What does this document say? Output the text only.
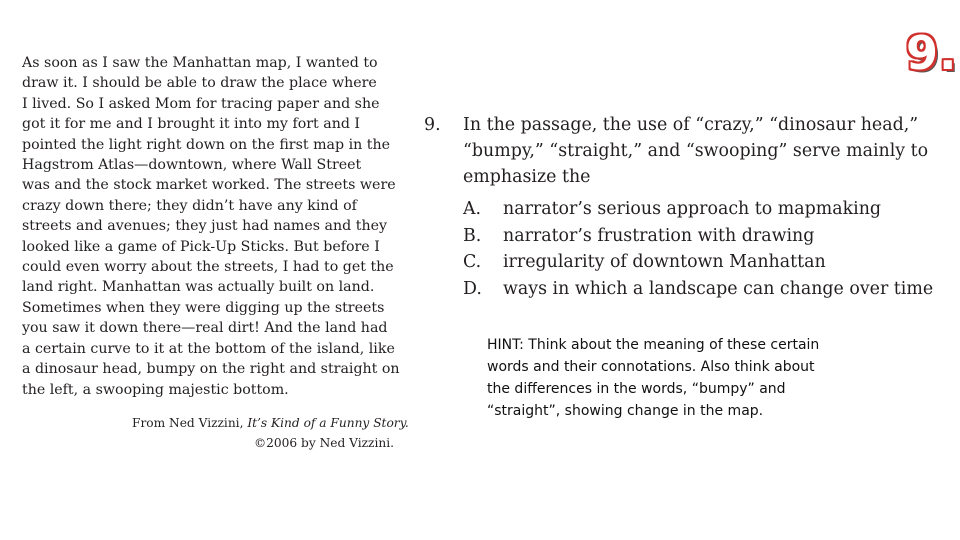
9.
As soon as I saw the Manhattan map, I wanted to
draw it. I should be able to draw the place where
I lived. So I asked Mom for tracing paper and she
got it for me and I brought it into my fort and I
pointed the light right down on the first map in the
Hagstrom Atlas—downtown, where Wall Street
was and the stock market worked. The streets were
crazy down there; they didn’t have any kind of
streets and avenues; they just had names and they
looked like a game of Pick-Up Sticks. But before I
could even worry about the streets, I had to get the
land right. Manhattan was actually built on land.
Sometimes when they were digging up the streets
you saw it down there—real dirt! And the land had
a certain curve to it at the bottom of the island, like
a dinosaur head, bumpy on the right and straight on
the left, a swooping majestic bottom.
From Ned Vizzini, It’s Kind of a Funny Story.
©2006 by Ned Vizzini.
9. In the passage, the use of “crazy,” “dinosaur head,”
“bumpy,” “straight,” and “swooping” serve mainly to
emphasize the
A. narrator’s serious approach to mapmaking
B. narrator’s frustration with drawing
C. irregularity of downtown Manhattan
D. ways in which a landscape can change over time
HINT: Think about the meaning of these certain
words and their connotations. Also think about
the differences in the words, “bumpy” and
“straight”, showing change in the map.
